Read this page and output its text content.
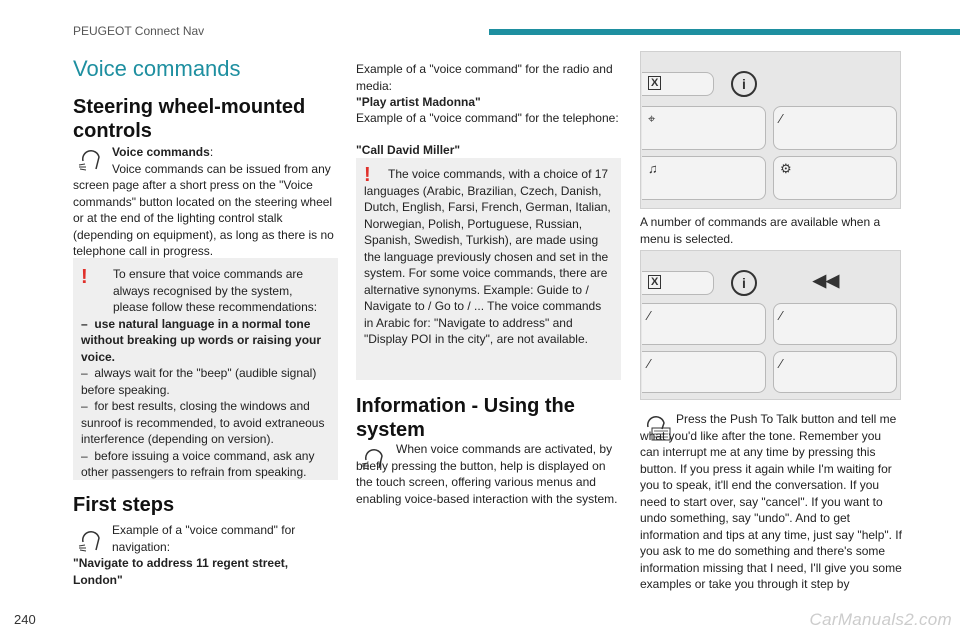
PEUGEOT Connect Nav
Voice commands
Steering wheel-mounted controls

Voice commands:
Voice commands can be issued from any

screen page after a short press on the "Voice commands" button located on the steering wheel or at the end of the lighting control stalk (depending on equipment), as long as there is no telephone call in progress.

!	To ensure that voice commands are always recognised by the system, please follow these recommendations:

– use natural language in a normal tone without breaking up words or raising your voice.

– always wait for the "beep" (audible signal) before speaking.

– for best results, closing the windows and sunroof is recommended, to avoid extraneous interference (depending on version).

– before issuing a voice command, ask any other passengers to refrain from speaking.

First steps

Example of a "voice command" for navigation:

"Navigate to address 11 regent street, London"

Example of a "voice command" for the radio and media:

"Play artist Madonna"

Example of a "voice command" for the telephone:

"Call David Miller"

!	The voice commands, with a choice of 17 languages (Arabic, Brazilian, Czech, Danish, Dutch, English, Farsi, French, German, Italian, Norwegian, Polish, Portuguese, Russian, Spanish, Swedish, Turkish), are made using the language previously chosen and set in the system. For some voice commands, there are alternative synonyms. Example: Guide to / Navigate to / Go to / ... The voice commands in Arabic for: "Navigate to address" and "Display POI in the city", are not available.

Information - Using the system

When voice commands are activated, by briefly pressing the button, help is displayed on the touch screen, offering various menus and enabling voice-based interaction with the system.

Χ	i
⌖	⁄
♫	⚙

A number of commands are available when a menu is selected.

Χ	i	◀◀
⁄	⁄
⁄	⁄

Press the Push To Talk button and tell me what you'd like after the tone. Remember you can interrupt me at any time by pressing this button. If you press it again while I'm waiting for you to speak, it'll end the conversation. If you need to start over, say "cancel". If you want to undo something, say "undo". And to get information and tips at any time, just say "help". If you ask to me do something and there's some information missing that I need, I'll give you some examples or take you through it step by

240	CarManuals2.com
